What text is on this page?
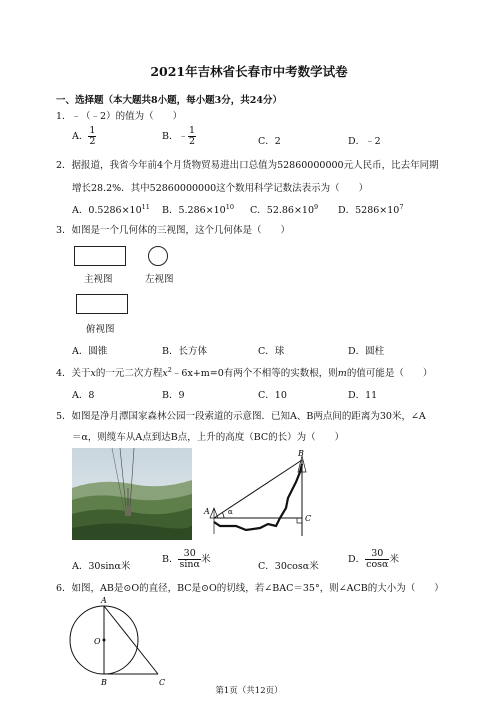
2021年吉林省长春市中考数学试卷
一、选择题（本大题共8小题，每小题3分，共24分）
1．﹣（﹣2）的值为（　　）
A． $\frac{1}{2}$	B．﹣ $\frac{1}{2}$	C．2	D．﹣2
2．据报道，我省今年前4个月货物贸易进出口总值为52860000000元人民币，比去年同期
增长28.2%．其中52860000000这个数用科学记数法表示为（　　）
A．$0.5286\times 10^{11}$ B．$5.286\times 10^{10}$ C．$52.86\times 10^9$ D．$5286\times 10^7$
3．如图是一个几何体的三视图，这个几何体是（　　）
主视图	左视图
俯视图
A．圆锥	B．长方体	C．球	D．圆柱
4．关于x的一元二次方程$x^2﹣6x+m=0$有两个不相等的实数根，则m的值可能是（　　）
A．8	B．9	C．10	D．11
5．如图是净月潭国家森林公园一段索道的示意图．已知A、B两点间的距离为30米，∠A
＝α，则缆车从A点到达B点，上升的高度（BC的长）为（　　）
B
A
C
α
A．30sinα米
B． $\frac{30}{\sin\alpha}$ 米
C．30cosα米
D． $\frac{30}{\cos\alpha}$ 米
6．如图，AB是⊙O的直径，BC是⊙O的切线，若∠BAC＝35°，则∠ACB的大小为（　　）
A
O
B	C
第1页（共12页）
